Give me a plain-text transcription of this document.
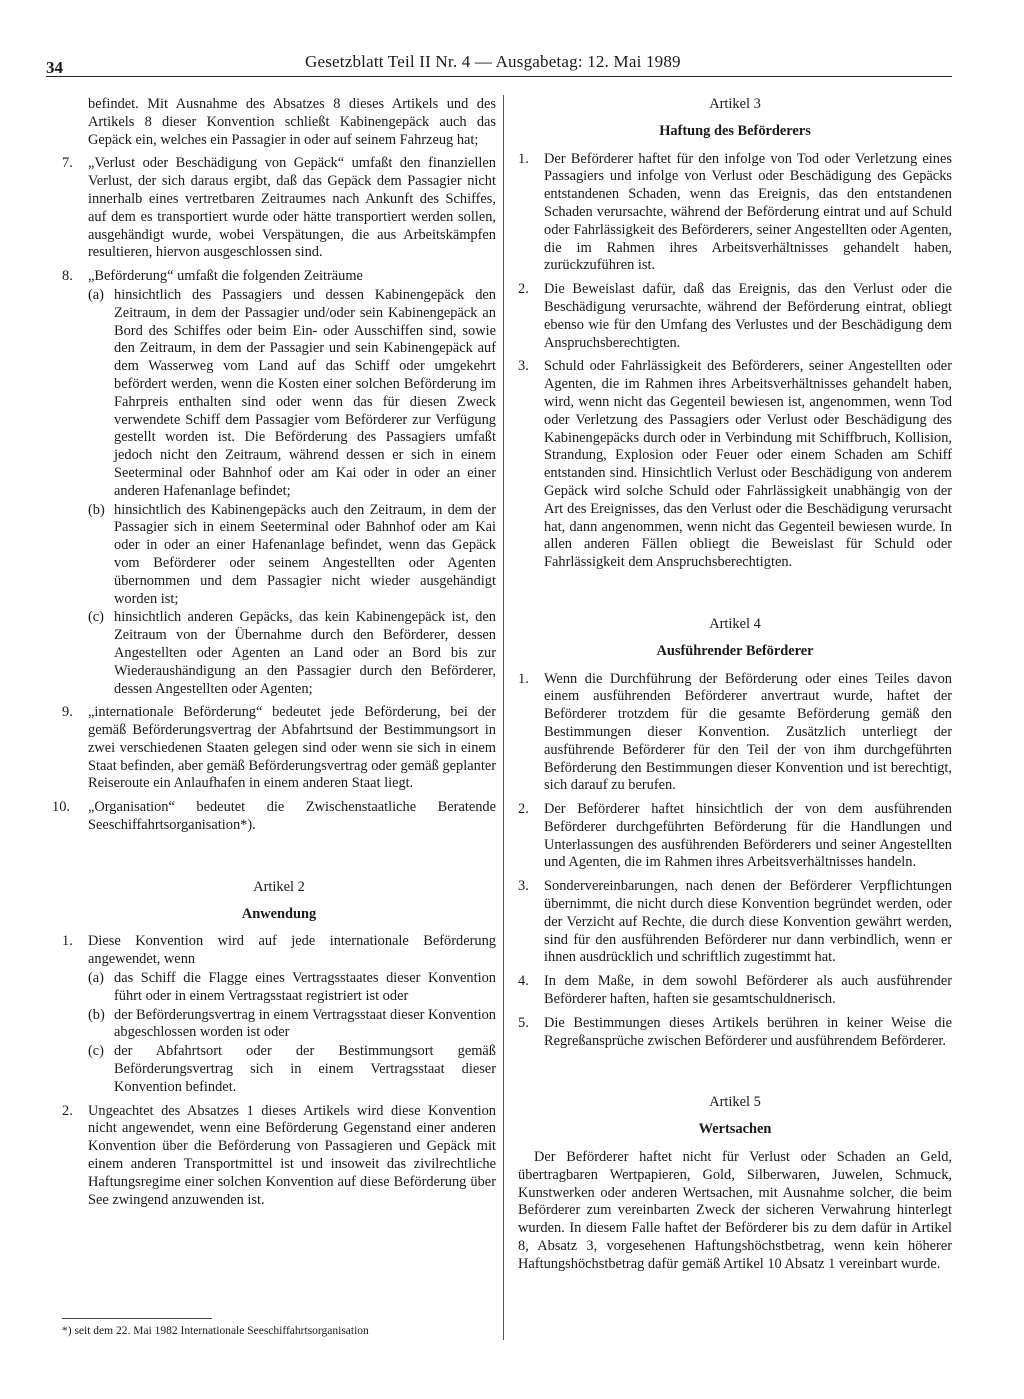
34	Gesetzblatt Teil II Nr. 4 — Ausgabetag: 12. Mai 1989

befindet. Mit Ausnahme des Absatzes 8 dieses Artikels und des Artikels 8 dieser Konvention schließt Kabinengepäck auch das Gepäck ein, welches ein Passagier in oder auf seinem Fahrzeug hat;

7. „Verlust oder Beschädigung von Gepäck“ umfaßt den finanziellen Verlust, der sich daraus ergibt, daß das Gepäck dem Passagier nicht innerhalb eines vertretbaren Zeitraumes nach Ankunft des Schiffes, auf dem es transportiert wurde oder hätte transportiert werden sollen, ausgehändigt wurde, wobei Verspätungen, die aus Arbeitskämpfen resultieren, hiervon ausgeschlossen sind.

8. „Beförderung“ umfaßt die folgenden Zeiträume

(a) hinsichtlich des Passagiers und dessen Kabinengepäck den Zeitraum, in dem der Passagier und/oder sein Kabinengepäck an Bord des Schiffes oder beim Ein- oder Ausschiffen sind, sowie den Zeitraum, in dem der Passagier und sein Kabinengepäck auf dem Wasserweg vom Land auf das Schiff oder umgekehrt befördert werden, wenn die Kosten einer solchen Beförderung im Fahrpreis enthalten sind oder wenn das für diesen Zweck verwendete Schiff dem Passagier vom Beförderer zur Verfügung gestellt worden ist. Die Beförderung des Passagiers umfaßt jedoch nicht den Zeitraum, während dessen er sich in einem Seeterminal oder Bahnhof oder am Kai oder in oder an einer anderen Hafenanlage befindet;

(b) hinsichtlich des Kabinengepäcks auch den Zeitraum, in dem der Passagier sich in einem Seeterminal oder Bahnhof oder am Kai oder in oder an einer Hafenanlage befindet, wenn das Gepäck vom Beförderer oder seinem Angestellten oder Agenten übernommen und dem Passagier nicht wieder ausgehändigt worden ist;

(c) hinsichtlich anderen Gepäcks, das kein Kabinengepäck ist, den Zeitraum von der Übernahme durch den Beförderer, dessen Angestellten oder Agenten an Land oder an Bord bis zur Wiederaushändigung an den Passagier durch den Beförderer, dessen Angestellten oder Agenten;

9. „internationale Beförderung“ bedeutet jede Beförderung, bei der gemäß Beförderungsvertrag der Abfahrtsund der Bestimmungsort in zwei verschiedenen Staaten gelegen sind oder wenn sie sich in einem Staat befinden, aber gemäß Beförderungsvertrag oder gemäß geplanter Reiseroute ein Anlaufhafen in einem anderen Staat liegt.

10. „Organisation“ bedeutet die Zwischenstaatliche Beratende Seeschiffahrtsorganisation*).

Artikel 2
Anwendung
1. Diese Konvention wird auf jede internationale Beförderung angewendet, wenn

(a) das Schiff die Flagge eines Vertragsstaates dieser Konvention führt oder in einem Vertragsstaat registriert ist oder

(b) der Beförderungsvertrag in einem Vertragsstaat dieser Konvention abgeschlossen worden ist oder

(c) der Abfahrtsort oder der Bestimmungsort gemäß Beförderungsvertrag sich in einem Vertragsstaat dieser Konvention befindet.

2. Ungeachtet des Absatzes 1 dieses Artikels wird diese Konvention nicht angewendet, wenn eine Beförderung Gegenstand einer anderen Konvention über die Beförderung von Passagieren und Gepäck mit einem anderen Transportmittel ist und insoweit das zivilrechtliche Haftungsregime einer solchen Konvention auf diese Beförderung über See zwingend anzuwenden ist.

*) seit dem 22. Mai 1982 Internationale Seeschiffahrtsorganisation
Artikel 3
Haftung des Beförderers
1. Der Beförderer haftet für den infolge von Tod oder Verletzung eines Passagiers und infolge von Verlust oder Beschädigung des Gepäcks entstandenen Schaden, wenn das Ereignis, das den entstandenen Schaden verursachte, während der Beförderung eintrat und auf Schuld oder Fahrlässigkeit des Beförderers, seiner Angestellten oder Agenten, die im Rahmen ihres Arbeitsverhältnisses gehandelt haben, zurückzuführen ist.

2. Die Beweislast dafür, daß das Ereignis, das den Verlust oder die Beschädigung verursachte, während der Beförderung eintrat, obliegt ebenso wie für den Umfang des Verlustes und der Beschädigung dem Anspruchsberechtigten.

3. Schuld oder Fahrlässigkeit des Beförderers, seiner Angestellten oder Agenten, die im Rahmen ihres Arbeitsverhältnisses gehandelt haben, wird, wenn nicht das Gegenteil bewiesen ist, angenommen, wenn Tod oder Verletzung des Passagiers oder Verlust oder Beschädigung des Kabinengepäcks durch oder in Verbindung mit Schiffbruch, Kollision, Strandung, Explosion oder Feuer oder einem Schaden am Schiff entstanden sind. Hinsichtlich Verlust oder Beschädigung von anderem Gepäck wird solche Schuld oder Fahrlässigkeit unabhängig von der Art des Ereignisses, das den Verlust oder die Beschädigung verursacht hat, dann angenommen, wenn nicht das Gegenteil bewiesen wurde. In allen anderen Fällen obliegt die Beweislast für Schuld oder Fahrlässigkeit dem Anspruchsberechtigten.

Artikel 4
Ausführender Beförderer
1. Wenn die Durchführung der Beförderung oder eines Teiles davon einem ausführenden Beförderer anvertraut wurde, haftet der Beförderer trotzdem für die gesamte Beförderung gemäß den Bestimmungen dieser Konvention. Zusätzlich unterliegt der ausführende Beförderer für den Teil der von ihm durchgeführten Beförderung den Bestimmungen dieser Konvention und ist berechtigt, sich darauf zu berufen.

2. Der Beförderer haftet hinsichtlich der von dem ausführenden Beförderer durchgeführten Beförderung für die Handlungen und Unterlassungen des ausführenden Beförderers und seiner Angestellten und Agenten, die im Rahmen ihres Arbeitsverhältnisses handeln.

3. Sondervereinbarungen, nach denen der Beförderer Verpflichtungen übernimmt, die nicht durch diese Konvention begründet werden, oder der Verzicht auf Rechte, die durch diese Konvention gewährt werden, sind für den ausführenden Beförderer nur dann verbindlich, wenn er ihnen ausdrücklich und schriftlich zugestimmt hat.

4. In dem Maße, in dem sowohl Beförderer als auch ausführender Beförderer haften, haften sie gesamtschuldnerisch.

5. Die Bestimmungen dieses Artikels berühren in keiner Weise die Regreßansprüche zwischen Beförderer und ausführendem Beförderer.

Artikel 5
Wertsachen

Der Beförderer haftet nicht für Verlust oder Schaden an Geld, übertragbaren Wertpapieren, Gold, Silberwaren, Juwelen, Schmuck, Kunstwerken oder anderen Wertsachen, mit Ausnahme solcher, die beim Beförderer zum vereinbarten Zweck der sicheren Verwahrung hinterlegt wurden. In diesem Falle haftet der Beförderer bis zu dem dafür in Artikel 8, Absatz 3, vorgesehenen Haftungshöchstbetrag, wenn kein höherer Haftungshöchstbetrag dafür gemäß Artikel 10 Absatz 1 vereinbart wurde.
